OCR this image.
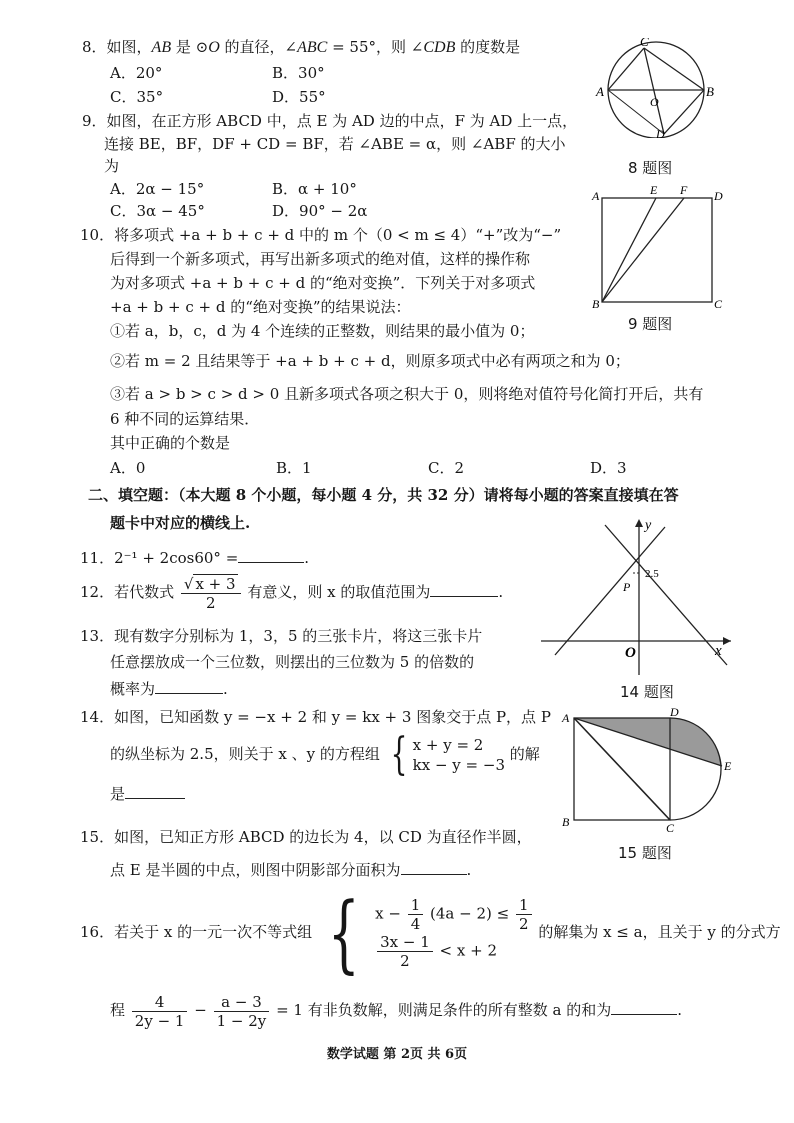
8．如图，AB 是 ⊙O 的直径，∠ABC = 55°，则 ∠CDB 的度数是
A．20°	B．30°
C．35°	D．55°	A	B
C
O
D
8 题图
9．如图，在正方形 ABCD 中，点 E 为 AD 边的中点，F 为 AD 上一点，
连接 BE，BF，DF + CD = BF，若 ∠ABE = α，则 ∠ABF 的大小
为
A．2α − 15°	B．α + 10°
C．3α − 45°	D．90° − 2α
A	E F D
B	C
9 题图
10．将多项式 +a + b + c + d 中的 m 个（0 < m ≤ 4）“+”改为“−”
后得到一个新多项式，再写出新多项式的绝对值，这样的操作称
为对多项式 +a + b + c + d 的“绝对变换”．下列关于对多项式
+a + b + c + d 的“绝对变换”的结果说法：
①若 a，b，c，d 为 4 个连续的正整数，则结果的最小值为 0；
②若 m = 2 且结果等于 +a + b + c + d，则原多项式中必有两项之和为 0；
③若 a > b > c > d > 0 且新多项式各项之积大于 0，则将绝对值符号化简打开后，共有
6 种不同的运算结果．
其中正确的个数是
A．0	B．1	C．2	D．3
二、填空题：（本大题 8 个小题，每小题 4 分，共 32 分）请将每小题的答案直接填在答
题卡中对应的横线上.
11．2⁻¹ + 2cos60° =	.
12．若代数式 $\frac{√ x + 3}{2}$ 有意义，则 x 的取值范围为	.
13．现有数字分别标为 1，3，5 的三张卡片，将这三张卡片
任意摆放成一个三位数，则摆出的三位数为 5 的倍数的
概率为	.
y
x
O
P
2.5
14 题图
14．如图，已知函数 y = −x + 2 和 y = kx + 3 图象交于点 P，点 P
的纵坐标为 2.5，则关于 x 、y 的方程组 { x + y = 2
kx − y = −3
的解
是
A	D
E
B	C
15 题图
15．如图，已知正方形 ABCD 的边长为 4，以 CD 为直径作半圆，
点 E 是半圆的中点，则图中阴影部分面积为	.
16．若关于 x 的一元一次不等式组 { $x - \frac{1}{4} (4a - 2) \le \frac{1}{2}$
$\frac{3x - 1}{2} < x + 2$
的解集为 x ≤ a，且关于 y 的分式方
程 $\frac{4}{2y - 1} - \frac{a - 3}{1 - 2y} = 1$ 有非负数解，则满足条件的所有整数 a 的和为	.
数学试题 第 2页 共 6页
